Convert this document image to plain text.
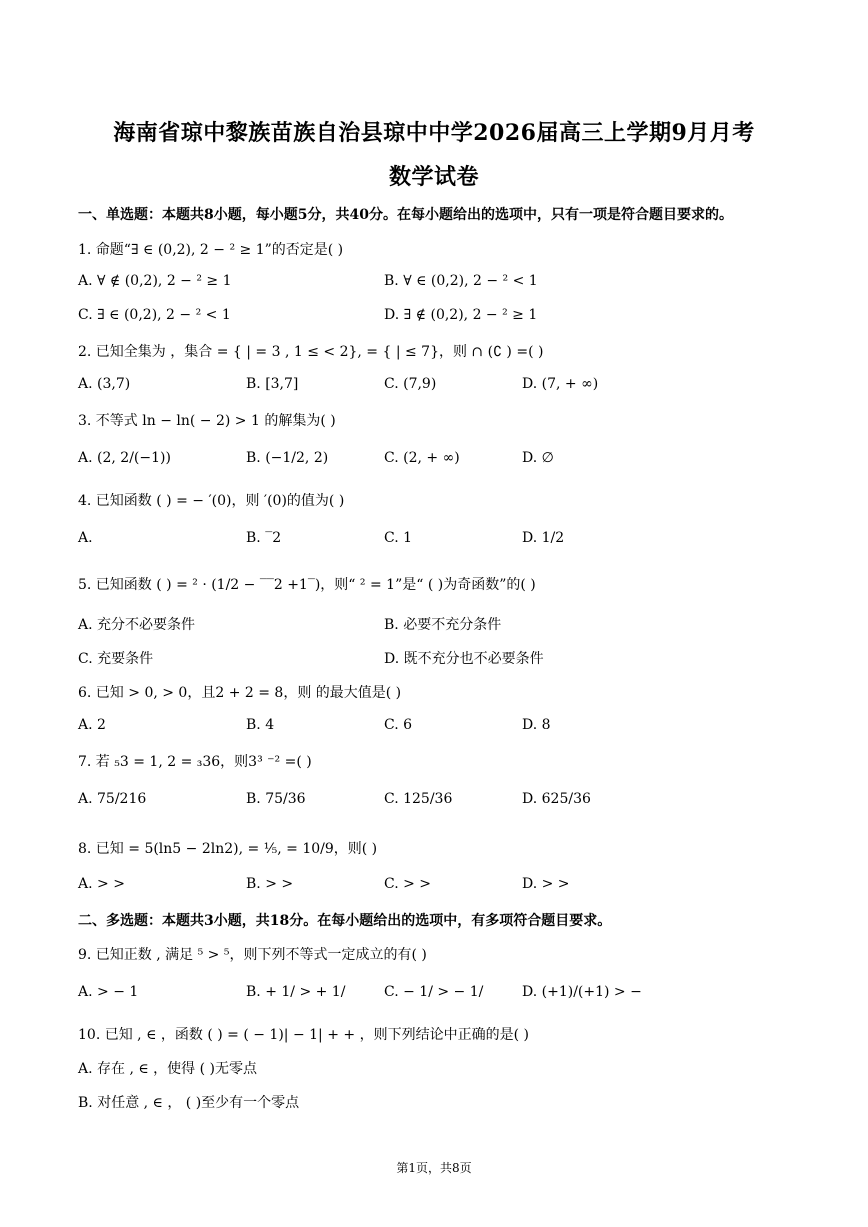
海南省琼中黎族苗族自治县琼中中学2026届高三上学期9月月考
数学试卷
一、单选题：本题共8小题，每小题5分，共40分。在每小题给出的选项中，只有一项是符合题目要求的。
1. 命题“∃ ∈ (0,2), 2 − ² ≥ 1”的否定是( )
A. ∀ ∉ (0,2), 2 − ² ≥ 1	B. ∀ ∈ (0,2), 2 − ² < 1
C. ∃ ∈ (0,2), 2 − ² < 1	D. ∃ ∉ (0,2), 2 − ² ≥ 1
2. 已知全集为 ，集合 = { | = 3 , 1 ≤ < 2}, = { | ≤ 7}，则 ∩ (∁ ) =( )
A. (3,7)	B. [3,7]	C. (7,9)	D. (7, + ∞)
3. 不等式 ln − ln( − 2) > 1 的解集为( )
A. (2, 2/(−1))	B. (−1/2, 2)	C. (2, + ∞)	D. ∅
4. 已知函数 ( ) = − ′(0)，则 ′(0)的值为( )
A.	B. ‾2	C. 1	D. 1/2
5. 已知函数 ( ) = ² · (1/2 − ‾‾2 +1‾)，则“ ² = 1”是“ ( )为奇函数”的( )
A. 充分不必要条件	B. 必要不充分条件
C. 充要条件	D. 既不充分也不必要条件
6. 已知 > 0, > 0，且2 + 2 = 8，则 的最大值是( )
A. 2	B. 4	C. 6	D. 8
7. 若 ₅3 = 1, 2 = ₃36，则3³ ⁻² =( )
A. 75/216	B. 75/36	C. 125/36	D. 625/36
8. 已知 = 5(ln5 − 2ln2), = ¹⁄₅, = 10/9，则( )
A. > >	B. > >	C. > >	D. > >
二、多选题：本题共3小题，共18分。在每小题给出的选项中，有多项符合题目要求。
9. 已知正数 , 满足 ⁵ > ⁵，则下列不等式一定成立的有( )
A. > − 1	B. + 1/ > + 1/	C. − 1/ > − 1/	D. (+1)/(+1) > −
10. 已知 , ∈ ，函数 ( ) = ( − 1)| − 1| + + ，则下列结论中正确的是( )
A. 存在 , ∈ ，使得 ( )无零点
B. 对任意 , ∈ ， ( )至少有一个零点
第1页，共8页
